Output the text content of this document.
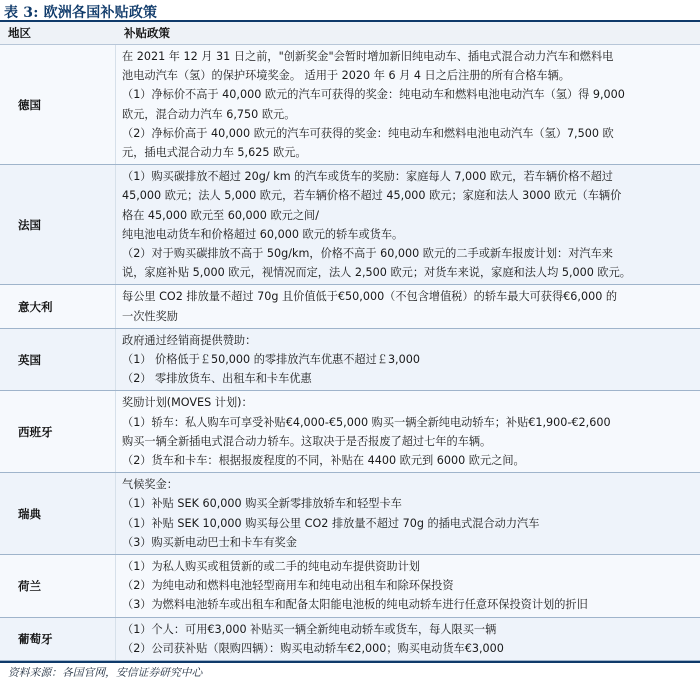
表 3: 欧洲各国补贴政策
地区	补贴政策
德国
在 2021 年 12 月 31 日之前，"创新奖金"会暂时增加新旧纯电动车、插电式混合动力汽车和燃料电
池电动汽车（氢）的保护环境奖金。 适用于 2020 年 6 月 4 日之后注册的所有合格车辆。
（1）净标价不高于 40,000 欧元的汽车可获得的奖金：纯电动车和燃料电池电动汽车（氢）得 9,000
欧元，混合动力汽车 6,750 欧元。
（2）净标价高于 40,000 欧元的汽车可获得的奖金：纯电动车和燃料电池电动汽车（氢）7,500 欧
元，插电式混合动力车 5,625 欧元。
法国
（1）购买碳排放不超过 20g/ km 的汽车或货车的奖励：家庭每人 7,000 欧元，若车辆价格不超过
45,000 欧元；法人 5,000 欧元，若车辆价格不超过 45,000 欧元；家庭和法人 3000 欧元（车辆价
格在 45,000 欧元至 60,000 欧元之间/
纯电池电动货车和价格超过 60,000 欧元的轿车或货车。
（2）对于购买碳排放不高于 50g/km，价格不高于 60,000 欧元的二手或新车报废计划：对汽车来
说，家庭补贴 5,000 欧元，视情况而定，法人 2,500 欧元；对货车来说，家庭和法人均 5,000 欧元。
意大利
每公里 CO2 排放量不超过 70g 且价值低于€50,000（不包含增值税）的轿车最大可获得€6,000 的
一次性奖励
英国
政府通过经销商提供赞助：
（1） 价格低于￡50,000 的零排放汽车优惠不超过￡3,000
（2） 零排放货车、出租车和卡车优惠
西班牙
奖励计划(MOVES 计划)：
（1）轿车：私人购车可享受补贴€4,000-€5,000 购买一辆全新纯电动轿车；补贴€1,900-€2,600
购买一辆全新插电式混合动力轿车。这取决于是否报废了超过七年的车辆。
（2）货车和卡车：根据报废程度的不同，补贴在 4400 欧元到 6000 欧元之间。
瑞典
气候奖金：
（1）补贴 SEK 60,000 购买全新零排放轿车和轻型卡车
（1）补贴 SEK 10,000 购买每公里 CO2 排放量不超过 70g 的插电式混合动力汽车
（3）购买新电动巴士和卡车有奖金
荷兰
（1）为私人购买或租赁新的或二手的纯电动车提供资助计划
（2）为纯电动和燃料电池轻型商用车和纯电动出租车和除环保投资
（3）为燃料电池轿车或出租车和配备太阳能电池板的纯电动轿车进行任意环保投资计划的折旧
葡萄牙
（1）个人：可用€3,000 补贴买一辆全新纯电动轿车或货车，每人限买一辆
（2）公司获补贴（限购四辆）：购买电动轿车€2,000；购买电动货车€3,000
资料来源：各国官网，安信证券研究中心
